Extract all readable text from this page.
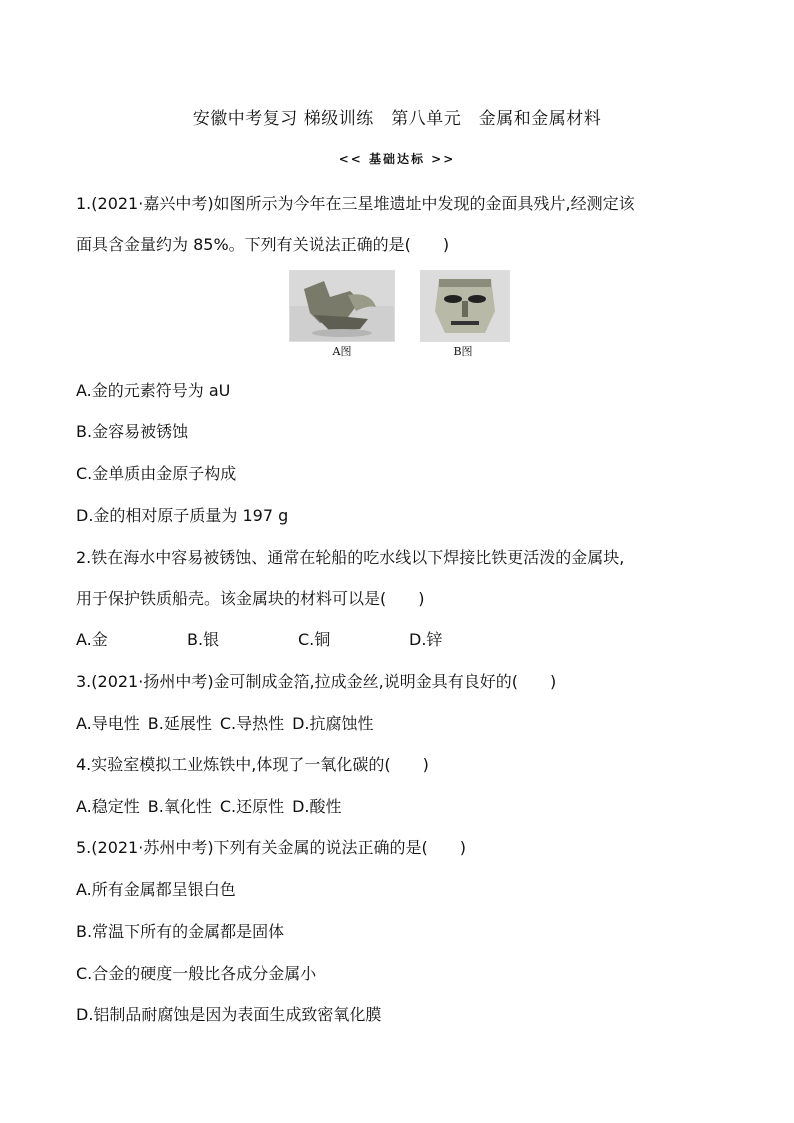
安徽中考复习 梯级训练　第八单元　金属和金属材料
<< 基础达标 >>
1.(2021·嘉兴中考)如图所示为今年在三星堆遗址中发现的金面具残片,经测定该
面具含金量约为 85%。下列有关说法正确的是(　　)
A图	B图
A.金的元素符号为 aU
B.金容易被锈蚀
C.金单质由金原子构成
D.金的相对原子质量为 197 g
2.铁在海水中容易被锈蚀、通常在轮船的吃水线以下焊接比铁更活泼的金属块,
用于保护铁质船壳。该金属块的材料可以是(　　)
A.金	B.银	C.铜	D.锌
3.(2021·扬州中考)金可制成金箔,拉成金丝,说明金具有良好的(　　)
A.导电性 B.延展性 C.导热性 D.抗腐蚀性
4.实验室模拟工业炼铁中,体现了一氧化碳的(　　)
A.稳定性 B.氧化性 C.还原性 D.酸性
5.(2021·苏州中考)下列有关金属的说法正确的是(　　)
A.所有金属都呈银白色
B.常温下所有的金属都是固体
C.合金的硬度一般比各成分金属小
D.铝制品耐腐蚀是因为表面生成致密氧化膜
